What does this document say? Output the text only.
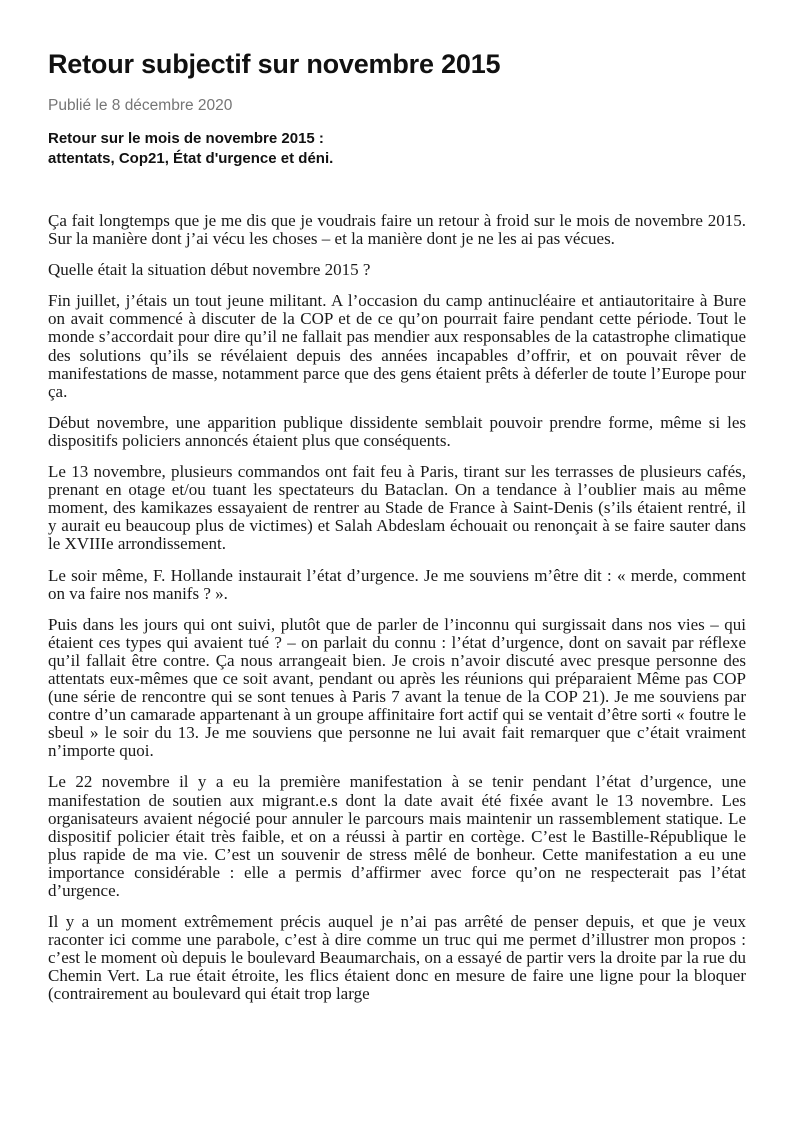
Retour subjectif sur novembre 2015
Publié le 8 décembre 2020
Retour sur le mois de novembre 2015 :
attentats, Cop21, État d'urgence et déni.

Ça fait longtemps que je me dis que je voudrais faire un retour à froid sur le mois de novembre 2015. Sur la manière dont j’ai vécu les choses – et la manière dont je ne les ai pas vécues.

Quelle était la situation début novembre 2015 ?

Fin juillet, j’étais un tout jeune militant. A l’occasion du camp antinucléaire et antiautoritaire à Bure on avait commencé à discuter de la COP et de ce qu’on pourrait faire pendant cette période. Tout le monde s’accordait pour dire qu’il ne fallait pas mendier aux responsables de la catastrophe climatique des solutions qu’ils se révélaient depuis des années incapables d’offrir, et on pouvait rêver de manifestations de masse, notamment parce que des gens étaient prêts à déferler de toute l’Europe pour ça.

Début novembre, une apparition publique dissidente semblait pouvoir prendre forme, même si les dispositifs policiers annoncés étaient plus que conséquents.

Le 13 novembre, plusieurs commandos ont fait feu à Paris, tirant sur les terrasses de plusieurs cafés, prenant en otage et/ou tuant les spectateurs du Bataclan. On a tendance à l’oublier mais au même moment, des kamikazes essayaient de rentrer au Stade de France à Saint-Denis (s’ils étaient rentré, il y aurait eu beaucoup plus de victimes) et Salah Abdeslam échouait ou renonçait à se faire sauter dans le XVIIIe arrondissement.

Le soir même, F. Hollande instaurait l’état d’urgence. Je me souviens m’être dit : « merde, comment on va faire nos manifs ? ».

Puis dans les jours qui ont suivi, plutôt que de parler de l’inconnu qui surgissait dans nos vies – qui étaient ces types qui avaient tué ? – on parlait du connu : l’état d’urgence, dont on savait par réflexe qu’il fallait être contre. Ça nous arrangeait bien. Je crois n’avoir discuté avec presque personne des attentats eux-mêmes que ce soit avant, pendant ou après les réunions qui préparaient Même pas COP (une série de rencontre qui se sont tenues à Paris 7 avant la tenue de la COP 21). Je me souviens par contre d’un camarade appartenant à un groupe affinitaire fort actif qui se ventait d’être sorti « foutre le sbeul » le soir du 13. Je me souviens que personne ne lui avait fait remarquer que c’était vraiment n’importe quoi.

Le 22 novembre il y a eu la première manifestation à se tenir pendant l’état d’urgence, une manifestation de soutien aux migrant.e.s dont la date avait été fixée avant le 13 novembre. Les organisateurs avaient négocié pour annuler le parcours mais maintenir un rassemblement statique. Le dispositif policier était très faible, et on a réussi à partir en cortège. C’est le Bastille-République le plus rapide de ma vie. C’est un souvenir de stress mêlé de bonheur. Cette manifestation a eu une importance considérable : elle a permis d’affirmer avec force qu’on ne respecterait pas l’état d’urgence.

Il y a un moment extrêmement précis auquel je n’ai pas arrêté de penser depuis, et que je veux raconter ici comme une parabole, c’est à dire comme un truc qui me permet d’illustrer mon propos : c’est le moment où depuis le boulevard Beaumarchais, on a essayé de partir vers la droite par la rue du Chemin Vert. La rue était étroite, les flics étaient donc en mesure de faire une ligne pour la bloquer (contrairement au boulevard qui était trop large
